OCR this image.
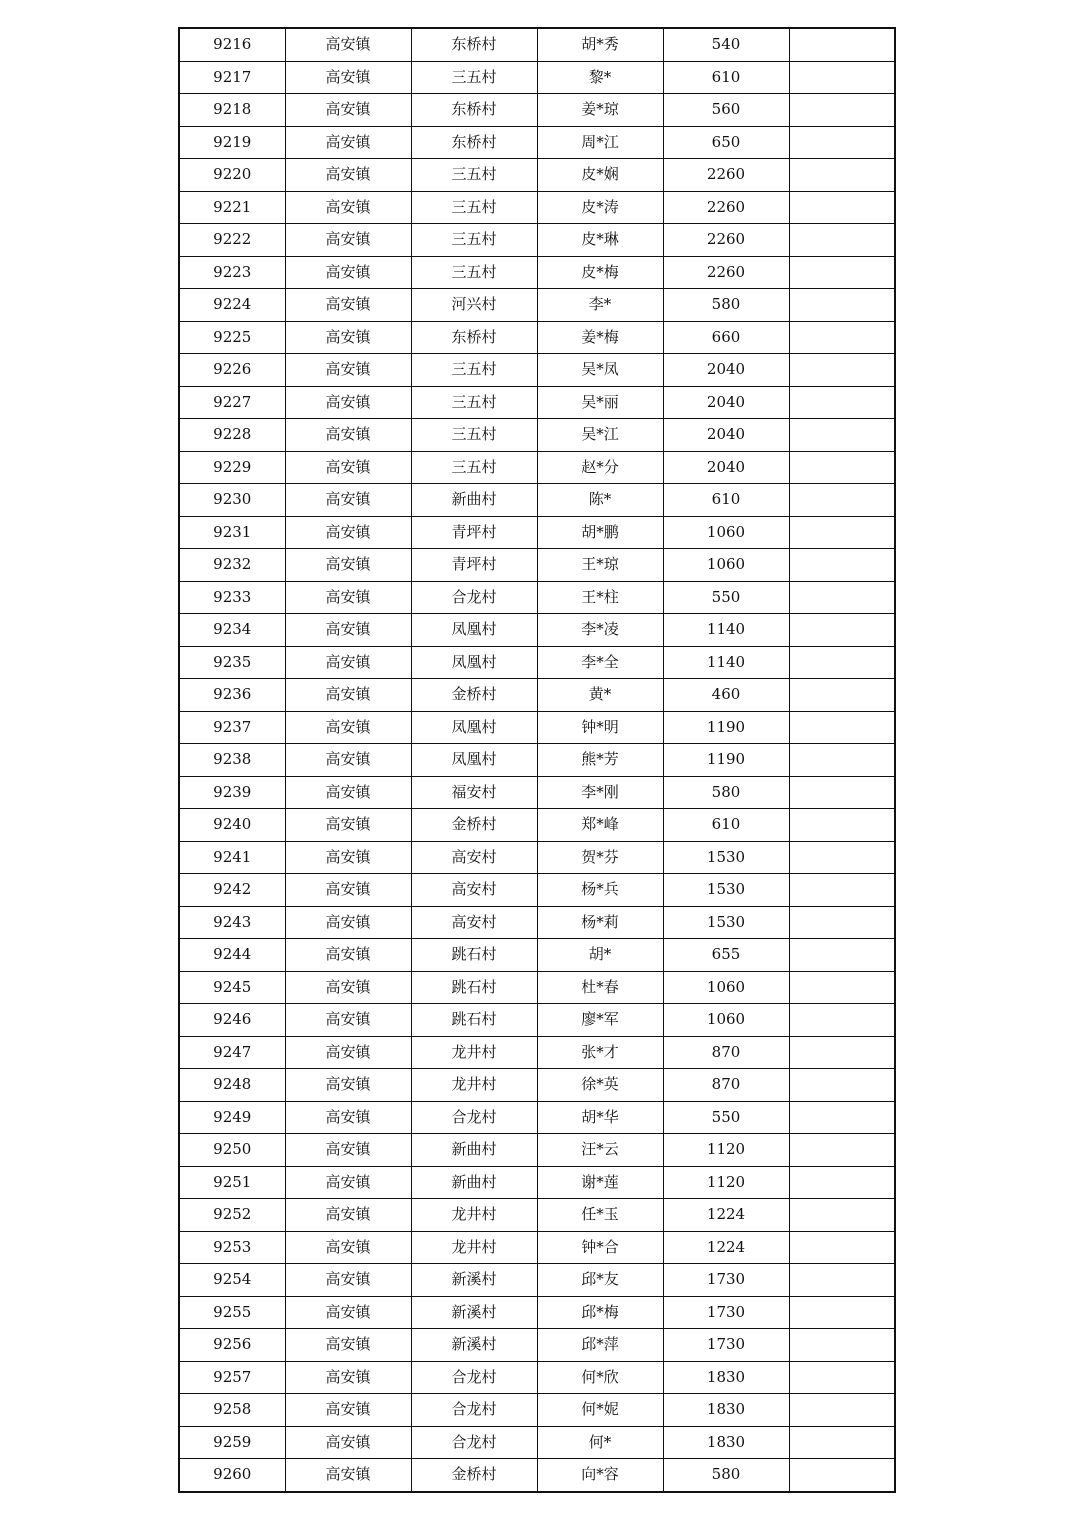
9216	高安镇	东桥村	胡*秀	540	
9217	高安镇	三五村	黎*	610	
9218	高安镇	东桥村	姜*琼	560	
9219	高安镇	东桥村	周*江	650	
9220	高安镇	三五村	皮*娴	2260	
9221	高安镇	三五村	皮*涛	2260	
9222	高安镇	三五村	皮*琳	2260	
9223	高安镇	三五村	皮*梅	2260	
9224	高安镇	河兴村	李*	580	
9225	高安镇	东桥村	姜*梅	660	
9226	高安镇	三五村	吴*凤	2040	
9227	高安镇	三五村	吴*丽	2040	
9228	高安镇	三五村	吴*江	2040	
9229	高安镇	三五村	赵*分	2040	
9230	高安镇	新曲村	陈*	610	
9231	高安镇	青坪村	胡*鹏	1060	
9232	高安镇	青坪村	王*琼	1060	
9233	高安镇	合龙村	王*柱	550	
9234	高安镇	凤凰村	李*凌	1140	
9235	高安镇	凤凰村	李*全	1140	
9236	高安镇	金桥村	黄*	460	
9237	高安镇	凤凰村	钟*明	1190	
9238	高安镇	凤凰村	熊*芳	1190	
9239	高安镇	福安村	李*刚	580	
9240	高安镇	金桥村	郑*峰	610	
9241	高安镇	高安村	贺*芬	1530	
9242	高安镇	高安村	杨*兵	1530	
9243	高安镇	高安村	杨*莉	1530	
9244	高安镇	跳石村	胡*	655	
9245	高安镇	跳石村	杜*春	1060	
9246	高安镇	跳石村	廖*军	1060	
9247	高安镇	龙井村	张*才	870	
9248	高安镇	龙井村	徐*英	870	
9249	高安镇	合龙村	胡*华	550	
9250	高安镇	新曲村	汪*云	1120	
9251	高安镇	新曲村	谢*莲	1120	
9252	高安镇	龙井村	任*玉	1224	
9253	高安镇	龙井村	钟*合	1224	
9254	高安镇	新溪村	邱*友	1730	
9255	高安镇	新溪村	邱*梅	1730	
9256	高安镇	新溪村	邱*萍	1730	
9257	高安镇	合龙村	何*欣	1830	
9258	高安镇	合龙村	何*妮	1830	
9259	高安镇	合龙村	何*	1830	
9260	高安镇	金桥村	向*容	580	
